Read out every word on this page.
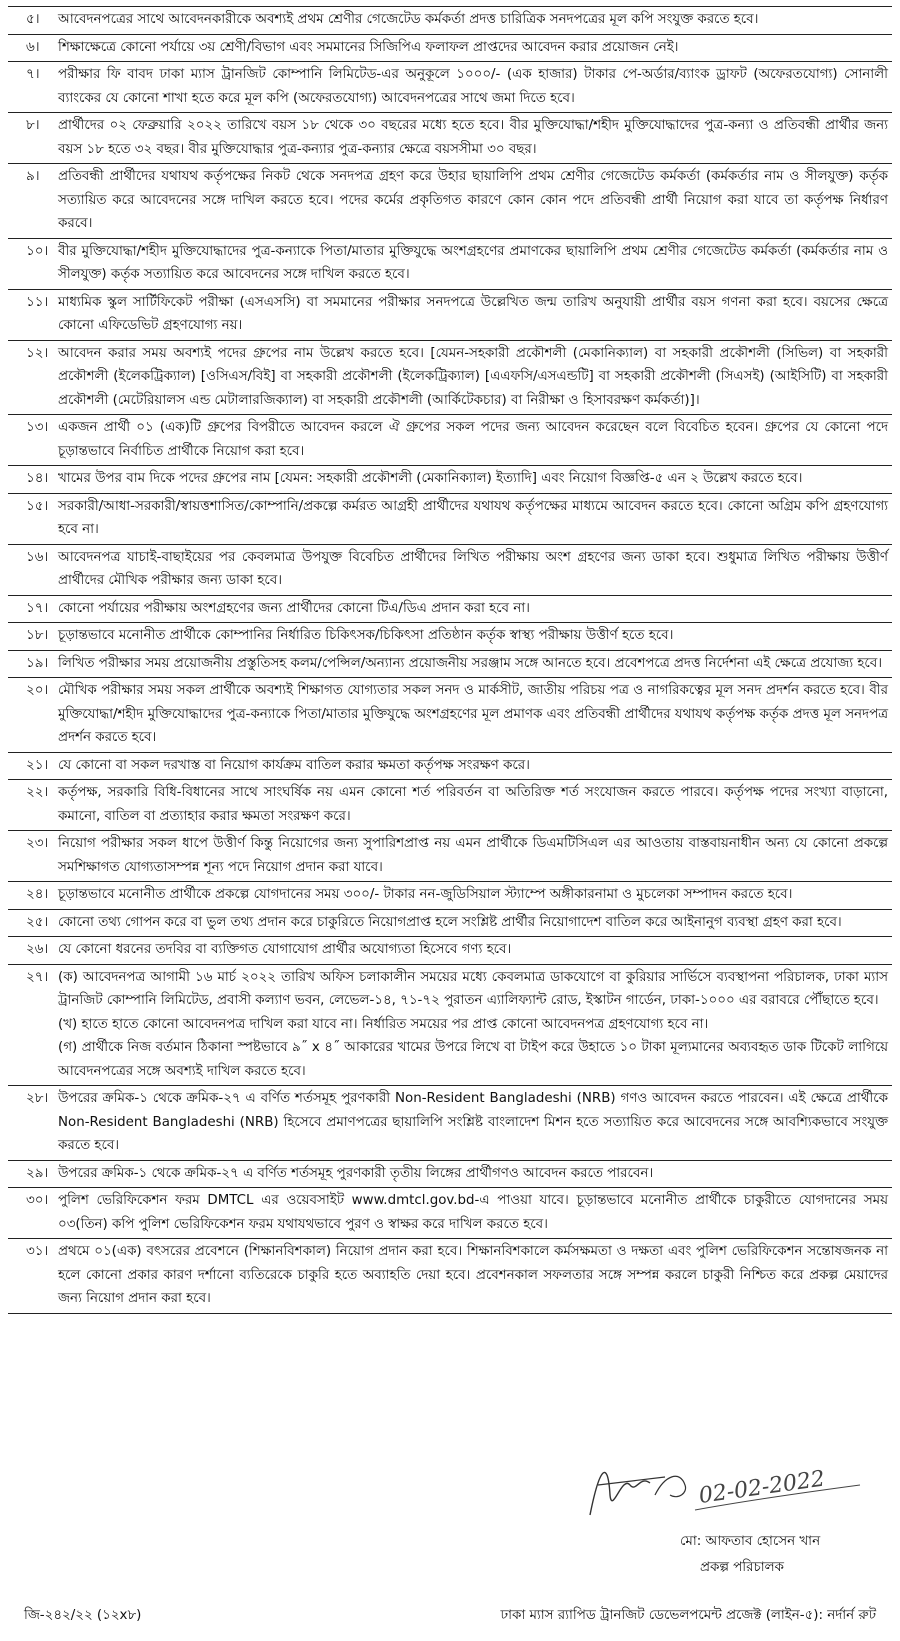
৫।	আবেদনপত্রের সাথে আবেদনকারীকে অবশ্যই প্রথম শ্রেণীর গেজেটেড কর্মকর্তা প্রদত্ত চারিত্রিক সনদপত্রের মূল কপি সংযুক্ত করতে হবে।
৬।	শিক্ষাক্ষেত্রে কোনো পর্যায়ে ৩য় শ্রেণী/বিভাগ এবং সমমানের সিজিপিএ ফলাফল প্রাপ্তদের আবেদন করার প্রয়োজন নেই।
৭।	পরীক্ষার ফি বাবদ ঢাকা ম্যাস ট্রানজিট কোম্পানি লিমিটেড-এর অনুকূলে ১০০০/- (এক হাজার) টাকার পে-অর্ডার/ব্যাংক ড্রাফট (অফেরতযোগ্য) সোনালী ব্যাংকের যে কোনো শাখা হতে করে মূল কপি (অফেরতযোগ্য) আবেদনপত্রের সাথে জমা দিতে হবে।
৮।	প্রার্থীদের ০২ ফেব্রুয়ারি ২০২২ তারিখে বয়স ১৮ থেকে ৩০ বছরের মধ্যে হতে হবে। বীর মুক্তিযোদ্ধা/শহীদ মুক্তিযোদ্ধাদের পুত্র-কন্যা ও প্রতিবন্ধী প্রার্থীর জন্য বয়স ১৮ হতে ৩২ বছর। বীর মুক্তিযোদ্ধার পুত্র-কন্যার পুত্র-কন্যার ক্ষেত্রে বয়সসীমা ৩০ বছর।
৯।	প্রতিবন্ধী প্রার্থীদের যথাযথ কর্তৃপক্ষের নিকট থেকে সনদপত্র গ্রহণ করে উহার ছায়ালিপি প্রথম শ্রেণীর গেজেটেড কর্মকর্তা (কর্মকর্তার নাম ও সীলযুক্ত) কর্তৃক সত্যায়িত করে আবেদনের সঙ্গে দাখিল করতে হবে। পদের কর্মের প্রকৃতিগত কারণে কোন কোন পদে প্রতিবন্ধী প্রার্থী নিয়োগ করা যাবে তা কর্তৃপক্ষ নির্ধারণ করবে।
১০। বীর মুক্তিযোদ্ধা/শহীদ মুক্তিযোদ্ধাদের পুত্র-কন্যাকে পিতা/মাতার মুক্তিযুদ্ধে অংশগ্রহণের প্রমাণকের ছায়ালিপি প্রথম শ্রেণীর গেজেটেড কর্মকর্তা (কর্মকর্তার নাম ও সীলযুক্ত) কর্তৃক সত্যায়িত করে আবেদনের সঙ্গে দাখিল করতে হবে।
১১। মাধ্যমিক স্কুল সার্টিফিকেট পরীক্ষা (এসএসসি) বা সমমানের পরীক্ষার সনদপত্রে উল্লেখিত জন্ম তারিখ অনুযায়ী প্রার্থীর বয়স গণনা করা হবে। বয়সের ক্ষেত্রে কোনো এফিডেভিট গ্রহণযোগ্য নয়।
১২। আবেদন করার সময় অবশ্যই পদের গ্রুপের নাম উল্লেখ করতে হবে। [যেমন-সহকারী প্রকৌশলী (মেকানিক্যাল) বা সহকারী প্রকৌশলী (সিভিল) বা সহকারী প্রকৌশলী (ইলেকট্রিক্যাল) [ওসিএস/বিই] বা সহকারী প্রকৌশলী (ইলেকট্রিক্যাল) [এএফসি/এসএন্ডটি] বা সহকারী প্রকৌশলী (সিএসই) (আইসিটি) বা সহকারী প্রকৌশলী (মেটেরিয়ালস এন্ড মেটালারজিক্যাল) বা সহকারী প্রকৌশলী (আর্কিটেকচার) বা নিরীক্ষা ও হিসাবরক্ষণ কর্মকর্তা)]।
১৩। একজন প্রার্থী ০১ (এক)টি গ্রুপের বিপরীতে আবেদন করলে ঐ গ্রুপের সকল পদের জন্য আবেদন করেছেন বলে বিবেচিত হবেন। গ্রুপের যে কোনো পদে চূড়ান্তভাবে নির্বাচিত প্রার্থীকে নিয়োগ করা হবে।
১৪। খামের উপর বাম দিকে পদের গ্রুপের নাম [যেমন: সহকারী প্রকৌশলী (মেকানিক্যাল) ইত্যাদি] এবং নিয়োগ বিজ্ঞপ্তি-৫ এন ২ উল্লেখ করতে হবে।
১৫। সরকারী/আধা-সরকারী/স্বায়ত্তশাসিত/কোম্পানি/প্রকল্পে কর্মরত আগ্রহী প্রার্থীদের যথাযথ কর্তৃপক্ষের মাধ্যমে আবেদন করতে হবে। কোনো অগ্রিম কপি গ্রহণযোগ্য হবে না।
১৬। আবেদনপত্র যাচাই-বাছাইয়ের পর কেবলমাত্র উপযুক্ত বিবেচিত প্রার্থীদের লিখিত পরীক্ষায় অংশ গ্রহণের জন্য ডাকা হবে। শুধুমাত্র লিখিত পরীক্ষায় উত্তীর্ণ প্রার্থীদের মৌখিক পরীক্ষার জন্য ডাকা হবে।
১৭। কোনো পর্যায়ের পরীক্ষায় অংশগ্রহণের জন্য প্রার্থীদের কোনো টিএ/ডিএ প্রদান করা হবে না।
১৮। চূড়ান্তভাবে মনোনীত প্রার্থীকে কোম্পানির নির্ধারিত চিকিৎসক/চিকিৎসা প্রতিষ্ঠান কর্তৃক স্বাস্থ্য পরীক্ষায় উত্তীর্ণ হতে হবে।
১৯। লিখিত পরীক্ষার সময় প্রয়োজনীয় প্রস্তুতিসহ কলম/পেন্সিল/অন্যান্য প্রয়োজনীয় সরঞ্জাম সঙ্গে আনতে হবে। প্রবেশপত্রে প্রদত্ত নির্দেশনা এই ক্ষেত্রে প্রযোজ্য হবে।
২০। মৌখিক পরীক্ষার সময় সকল প্রার্থীকে অবশ্যই শিক্ষাগত যোগ্যতার সকল সনদ ও মার্কসীট, জাতীয় পরিচয় পত্র ও নাগরিকত্বের মূল সনদ প্রদর্শন করতে হবে। বীর মুক্তিযোদ্ধা/শহীদ মুক্তিযোদ্ধাদের পুত্র-কন্যাকে পিতা/মাতার মুক্তিযুদ্ধে অংশগ্রহণের মূল প্রমাণক এবং প্রতিবন্ধী প্রার্থীদের যথাযথ কর্তৃপক্ষ কর্তৃক প্রদত্ত মূল সনদপত্র প্রদর্শন করতে হবে।
২১। যে কোনো বা সকল দরখাস্ত বা নিয়োগ কার্যক্রম বাতিল করার ক্ষমতা কর্তৃপক্ষ সংরক্ষণ করে।
২২। কর্তৃপক্ষ, সরকারি বিধি-বিধানের সাথে সাংঘর্ষিক নয় এমন কোনো শর্ত পরিবর্তন বা অতিরিক্ত শর্ত সংযোজন করতে পারবে। কর্তৃপক্ষ পদের সংখ্যা বাড়ানো, কমানো, বাতিল বা প্রত্যাহার করার ক্ষমতা সংরক্ষণ করে।
২৩। নিয়োগ পরীক্ষার সকল ধাপে উত্তীর্ণ কিন্তু নিয়োগের জন্য সুপারিশপ্রাপ্ত নয় এমন প্রার্থীকে ডিএমটিসিএল এর আওতায় বাস্তবায়নাধীন অন্য যে কোনো প্রকল্পে সমশিক্ষাগত যোগ্যতাসম্পন্ন শূন্য পদে নিয়োগ প্রদান করা যাবে।
২৪। চূড়ান্তভাবে মনোনীত প্রার্থীকে প্রকল্পে যোগদানের সময় ৩০০/- টাকার নন-জুডিসিয়াল স্ট্যাম্পে অঙ্গীকারনামা ও মুচলেকা সম্পাদন করতে হবে।
২৫। কোনো তথ্য গোপন করে বা ভুল তথ্য প্রদান করে চাকুরিতে নিয়োগপ্রাপ্ত হলে সংশ্লিষ্ট প্রার্থীর নিয়োগাদেশ বাতিল করে আইনানুগ ব্যবস্থা গ্রহণ করা হবে।
২৬। যে কোনো ধরনের তদবির বা ব্যক্তিগত যোগাযোগ প্রার্থীর অযোগ্যতা হিসেবে গণ্য হবে।
২৭। (ক) আবেদনপত্র আগামী ১৬ মার্চ ২০২২ তারিখ অফিস চলাকালীন সময়ের মধ্যে কেবলমাত্র ডাকযোগে বা কুরিয়ার সার্ভিসে ব্যবস্থাপনা পরিচালক, ঢাকা ম্যাস ট্রানজিট কোম্পানি লিমিটেড, প্রবাসী কল্যাণ ভবন, লেভেল-১৪, ৭১-৭২ পুরাতন এ্যালিফ্যান্ট রোড, ইস্কাটন গার্ডেন, ঢাকা-১০০০ এর বরাবরে পৌঁছাতে হবে।
(খ) হাতে হাতে কোনো আবেদনপত্র দাখিল করা যাবে না। নির্ধারিত সময়ের পর প্রাপ্ত কোনো আবেদনপত্র গ্রহণযোগ্য হবে না।
(গ) প্রার্থীকে নিজ বর্তমান ঠিকানা স্পষ্টভাবে ৯˝ x ৪˝ আকারের খামের উপরে লিখে বা টাইপ করে উহাতে ১০ টাকা মূল্যমানের অব্যবহৃত ডাক টিকেট লাগিয়ে আবেদনপত্রের সঙ্গে অবশ্যই দাখিল করতে হবে।
২৮। উপরের ক্রমিক-১ থেকে ক্রমিক-২৭ এ বর্ণিত শর্তসমূহ পুরণকারী Non-Resident Bangladeshi (NRB) গণও আবেদন করতে পারবেন। এই ক্ষেত্রে প্রার্থীকে Non-Resident Bangladeshi (NRB) হিসেবে প্রমাণপত্রের ছায়ালিপি সংশ্লিষ্ট বাংলাদেশ মিশন হতে সত্যায়িত করে আবেদনের সঙ্গে আবশ্যিকভাবে সংযুক্ত করতে হবে।
২৯। উপরের ক্রমিক-১ থেকে ক্রমিক-২৭ এ বর্ণিত শর্তসমূহ পুরণকারী তৃতীয় লিঙ্গের প্রার্থীগণও আবেদন করতে পারবেন।
৩০। পুলিশ ভেরিফিকেশন ফরম DMTCL এর ওয়েবসাইট www.dmtcl.gov.bd-এ পাওয়া যাবে। চূড়ান্তভাবে মনোনীত প্রার্থীকে চাকুরীতে যোগদানের সময় ০৩(তিন) কপি পুলিশ ভেরিফিকেশন ফরম যথাযথভাবে পুরণ ও স্বাক্ষর করে দাখিল করতে হবে।
৩১। প্রথমে ০১(এক) বৎসরের প্রবেশনে (শিক্ষানবিশকাল) নিয়োগ প্রদান করা হবে। শিক্ষানবিশকালে কর্মসক্ষমতা ও দক্ষতা এবং পুলিশ ভেরিফিকেশন সন্তোষজনক না হলে কোনো প্রকার কারণ দর্শানো ব্যতিরেকে চাকুরি হতে অব্যাহতি দেয়া হবে। প্রবেশনকাল সফলতার সঙ্গে সম্পন্ন করলে চাকুরী নিশ্চিত করে প্রকল্প মেয়াদের জন্য নিয়োগ প্রদান করা হবে।
02-02-2022
মো: আফতাব হোসেন খান
প্রকল্প পরিচালক
জি-২৪২/২২ (১২x৮)	ঢাকা ম্যাস র‌্যাপিড ট্রানজিট ডেভেলপমেন্ট প্রজেক্ট (লাইন-৫): নর্দার্ন রুট
